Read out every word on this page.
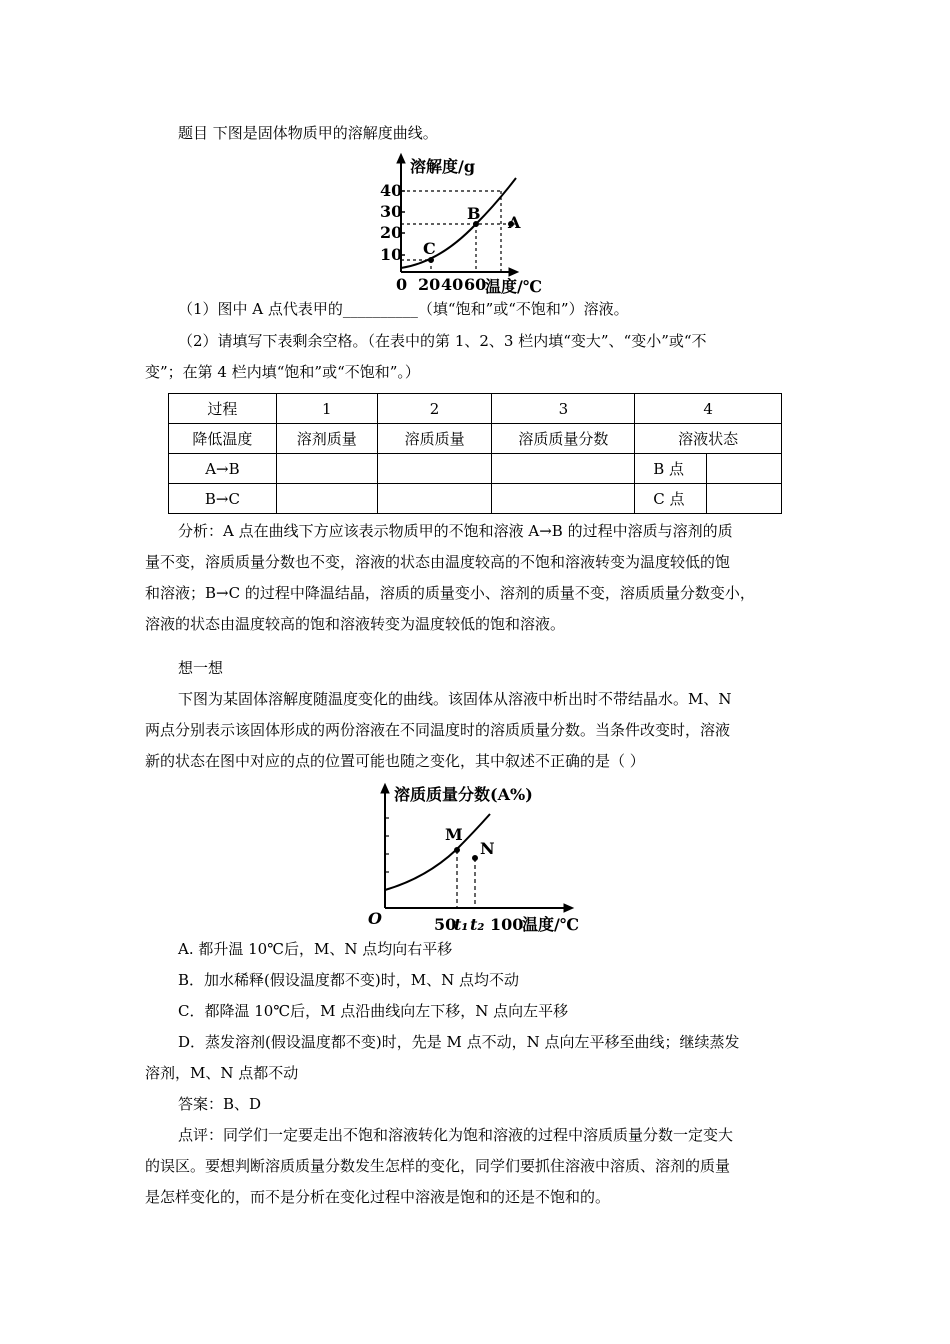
题目 下图是固体物质甲的溶解度曲线。
溶解度/g
40
30
20
10
0 20 40 60
温度/℃
C
B A
（1）图中 A 点代表甲的__________（填“饱和”或“不饱和”）溶液。
（2）请填写下表剩余空格。（在表中的第 1、2、3 栏内填“变大”、“变小”或“不
变”；在第 4 栏内填“饱和”或“不饱和”。）
过程	1	2	3	4	
降低温度	溶剂质量	溶质质量	溶质质量分数	溶液状态	
A→B				B 点	
B→C				C 点	
分析：A 点在曲线下方应该表示物质甲的不饱和溶液 A→B 的过程中溶质与溶剂的质
量不变，溶质质量分数也不变，溶液的状态由温度较高的不饱和溶液转变为温度较低的饱
和溶液；B→C 的过程中降温结晶，溶质的质量变小、溶剂的质量不变，溶质质量分数变小，
溶液的状态由温度较高的饱和溶液转变为温度较低的饱和溶液。
想一想
下图为某固体溶解度随温度变化的曲线。该固体从溶液中析出时不带结晶水。M、N
两点分别表示该固体形成的两份溶液在不同温度时的溶质质量分数。当条件改变时，溶液
新的状态在图中对应的点的位置可能也随之变化，其中叙述不正确的是（ ）
溶质质量分数(A%)
O	50
t₁ t₂ 100
温度/℃
M
N
A. 都升温 10℃后，M、N 点均向右平移
B．加水稀释(假设温度都不变)时，M、N 点均不动
C．都降温 10℃后，M 点沿曲线向左下移，N 点向左平移
D．蒸发溶剂(假设温度都不变)时，先是 M 点不动，N 点向左平移至曲线；继续蒸发
溶剂，M、N 点都不动
答案：B、D
点评：同学们一定要走出不饱和溶液转化为饱和溶液的过程中溶质质量分数一定变大
的误区。要想判断溶质质量分数发生怎样的变化，同学们要抓住溶液中溶质、溶剂的质量
是怎样变化的，而不是分析在变化过程中溶液是饱和的还是不饱和的。
